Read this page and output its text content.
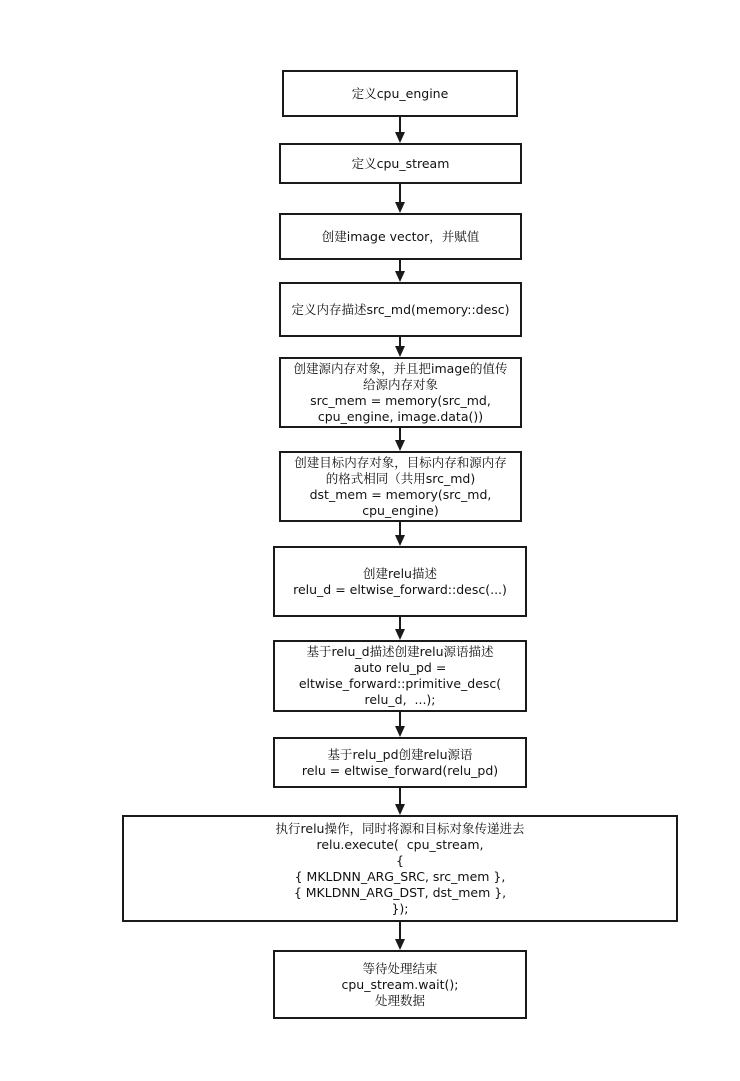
定义cpu_engine
定义cpu_stream
创建image vector，并赋值
定义内存描述src_md(memory::desc)
创建源内存对象，并且把image的值传
给源内存对象
src_mem = memory(src_md,
cpu_engine, image.data())
创建目标内存对象，目标内存和源内存
的格式相同（共用src_md)
dst_mem = memory(src_md,
cpu_engine)
创建relu描述
relu_d = eltwise_forward::desc(...)
基于relu_d描述创建relu源语描述
auto relu_pd =
eltwise_forward::primitive_desc(
relu_d,  ...);
基于relu_pd创建relu源语
relu = eltwise_forward(relu_pd)
执行relu操作，同时将源和目标对象传递进去
relu.execute(  cpu_stream,
{
{ MKLDNN_ARG_SRC, src_mem },
{ MKLDNN_ARG_DST, dst_mem },
});
等待处理结束
cpu_stream.wait();
处理数据
